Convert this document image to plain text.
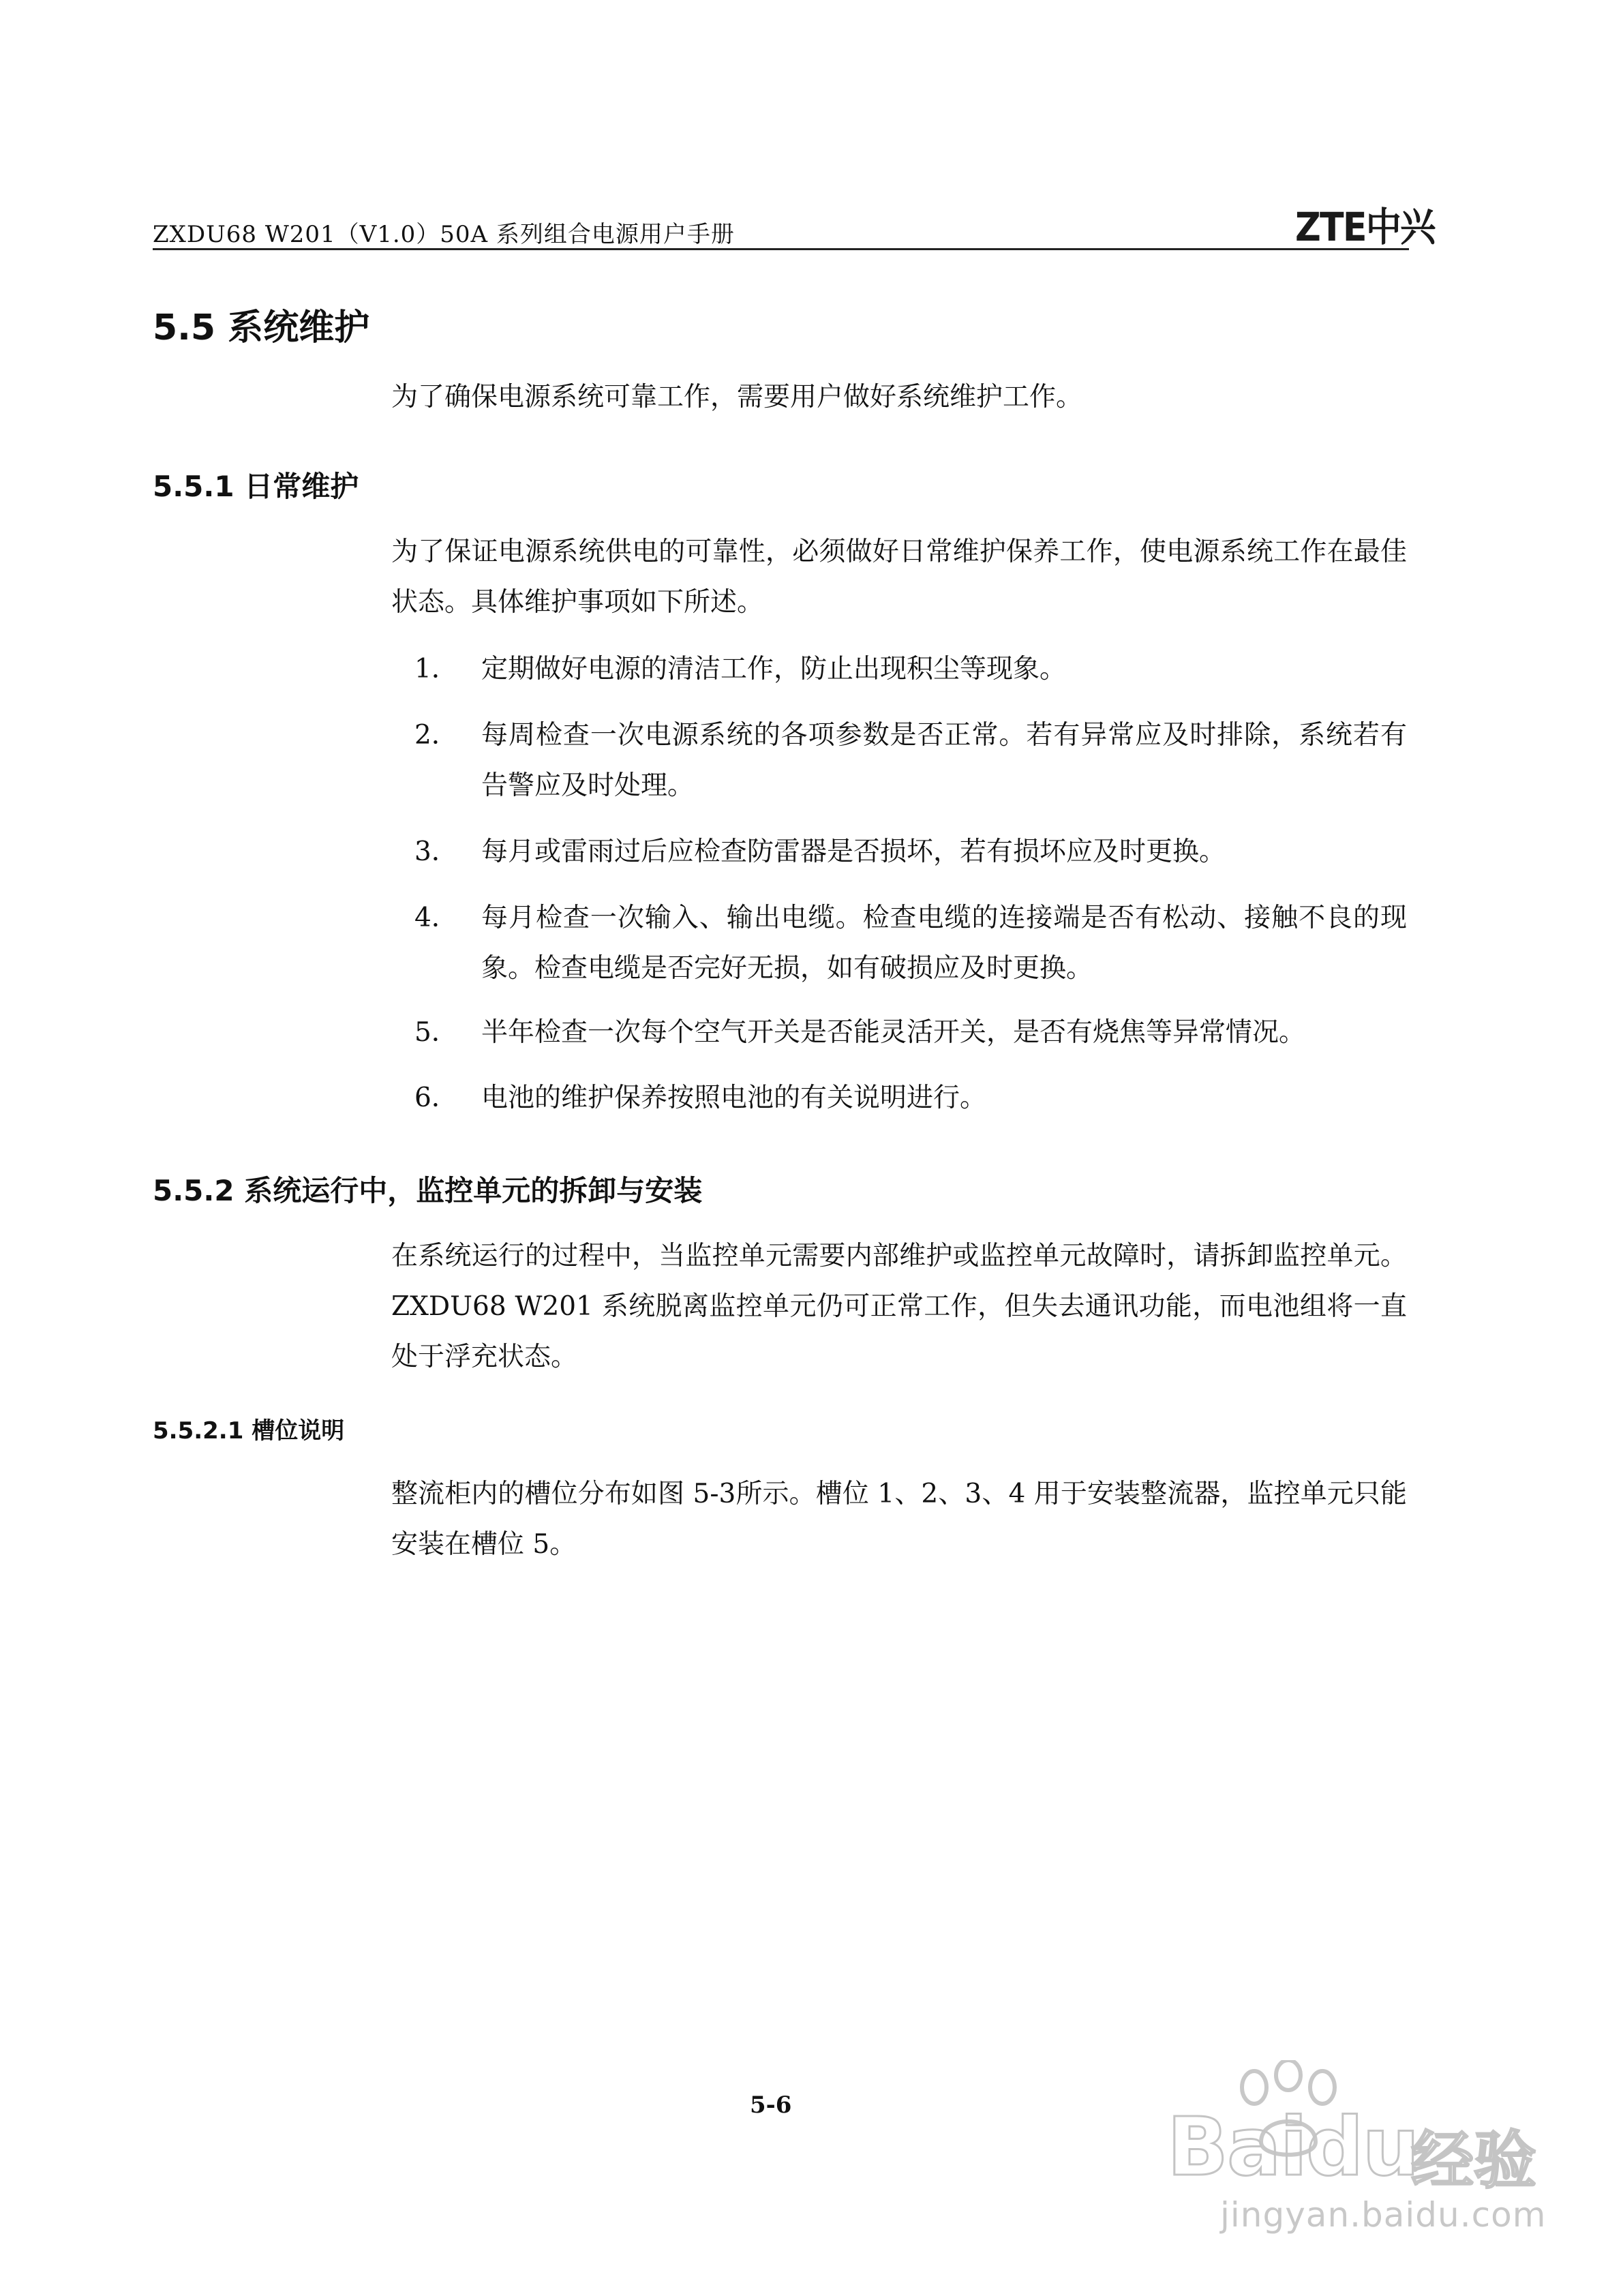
ZXDU68 W201（V1.0）50A 系列组合电源用户手册	ZTE中兴
5.5 系统维护
为了确保电源系统可靠工作，需要用户做好系统维护工作。
5.5.1 日常维护
为了保证电源系统供电的可靠性，必须做好日常维护保养工作，使电源系统工作在最佳状态。具体维护事项如下所述。
1． 定期做好电源的清洁工作，防止出现积尘等现象。
2． 每周检查一次电源系统的各项参数是否正常。若有异常应及时排除，系统若有告警应及时处理。
3． 每月或雷雨过后应检查防雷器是否损坏，若有损坏应及时更换。
4． 每月检查一次输入、输出电缆。检查电缆的连接端是否有松动、接触不良的现象。检查电缆是否完好无损，如有破损应及时更换。
5． 半年检查一次每个空气开关是否能灵活开关，是否有烧焦等异常情况。
6． 电池的维护保养按照电池的有关说明进行。
5.5.2 系统运行中，监控单元的拆卸与安装
在系统运行的过程中，当监控单元需要内部维护或监控单元故障时，请拆卸监控单元。ZXDU68 W201 系统脱离监控单元仍可正常工作，但失去通讯功能，而电池组将一直处于浮充状态。
5.5.2.1 槽位说明
整流柜内的槽位分布如图 5-3所示。槽位 1、2、3、4 用于安装整流器，监控单元只能安装在槽位 5。
5-6	Baidu
经验
jingyan.baidu.com
